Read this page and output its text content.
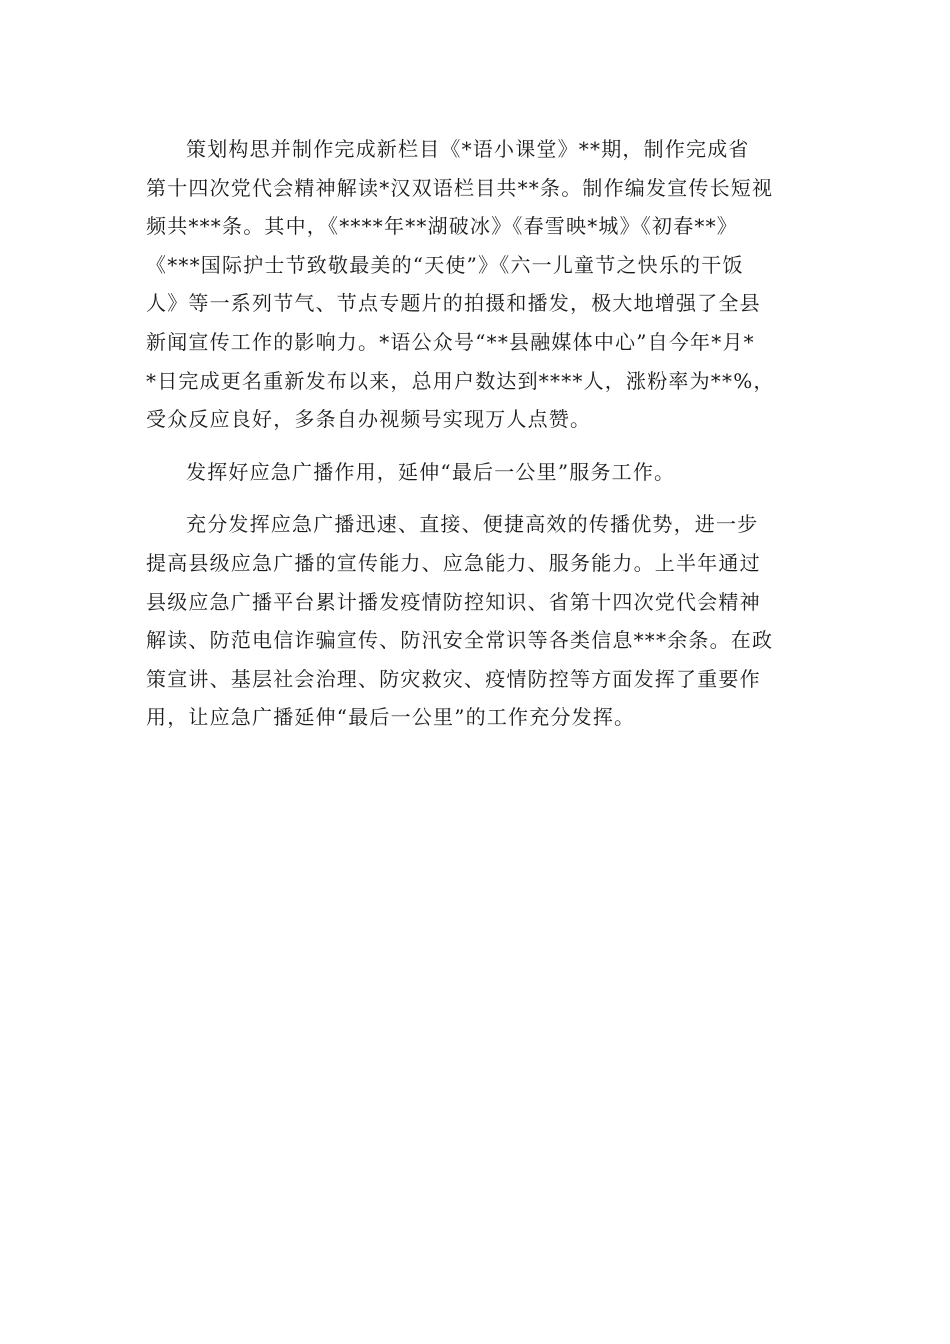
策划构思并制作完成新栏目《*语小课堂》**期，制作完成省
第十四次党代会精神解读*汉双语栏目共**条。制作编发宣传长短视
频共***条。其中，《****年**湖破冰》《春雪映*城》《初春**》
《***国际护士节致敬最美的“天使”》《六一儿童节之快乐的干饭
人》等一系列节气、节点专题片的拍摄和播发，极大地增强了全县
新闻宣传工作的影响力。*语公众号“**县融媒体中心”自今年*月*
*日完成更名重新发布以来，总用户数达到****人，涨粉率为**%，
受众反应良好，多条自办视频号实现万人点赞。

发挥好应急广播作用，延伸“最后一公里”服务工作。

充分发挥应急广播迅速、直接、便捷高效的传播优势，进一步
提高县级应急广播的宣传能力、应急能力、服务能力。上半年通过
县级应急广播平台累计播发疫情防控知识、省第十四次党代会精神
解读、防范电信诈骗宣传、防汛安全常识等各类信息***余条。在政
策宣讲、基层社会治理、防灾救灾、疫情防控等方面发挥了重要作
用，让应急广播延伸“最后一公里”的工作充分发挥。
